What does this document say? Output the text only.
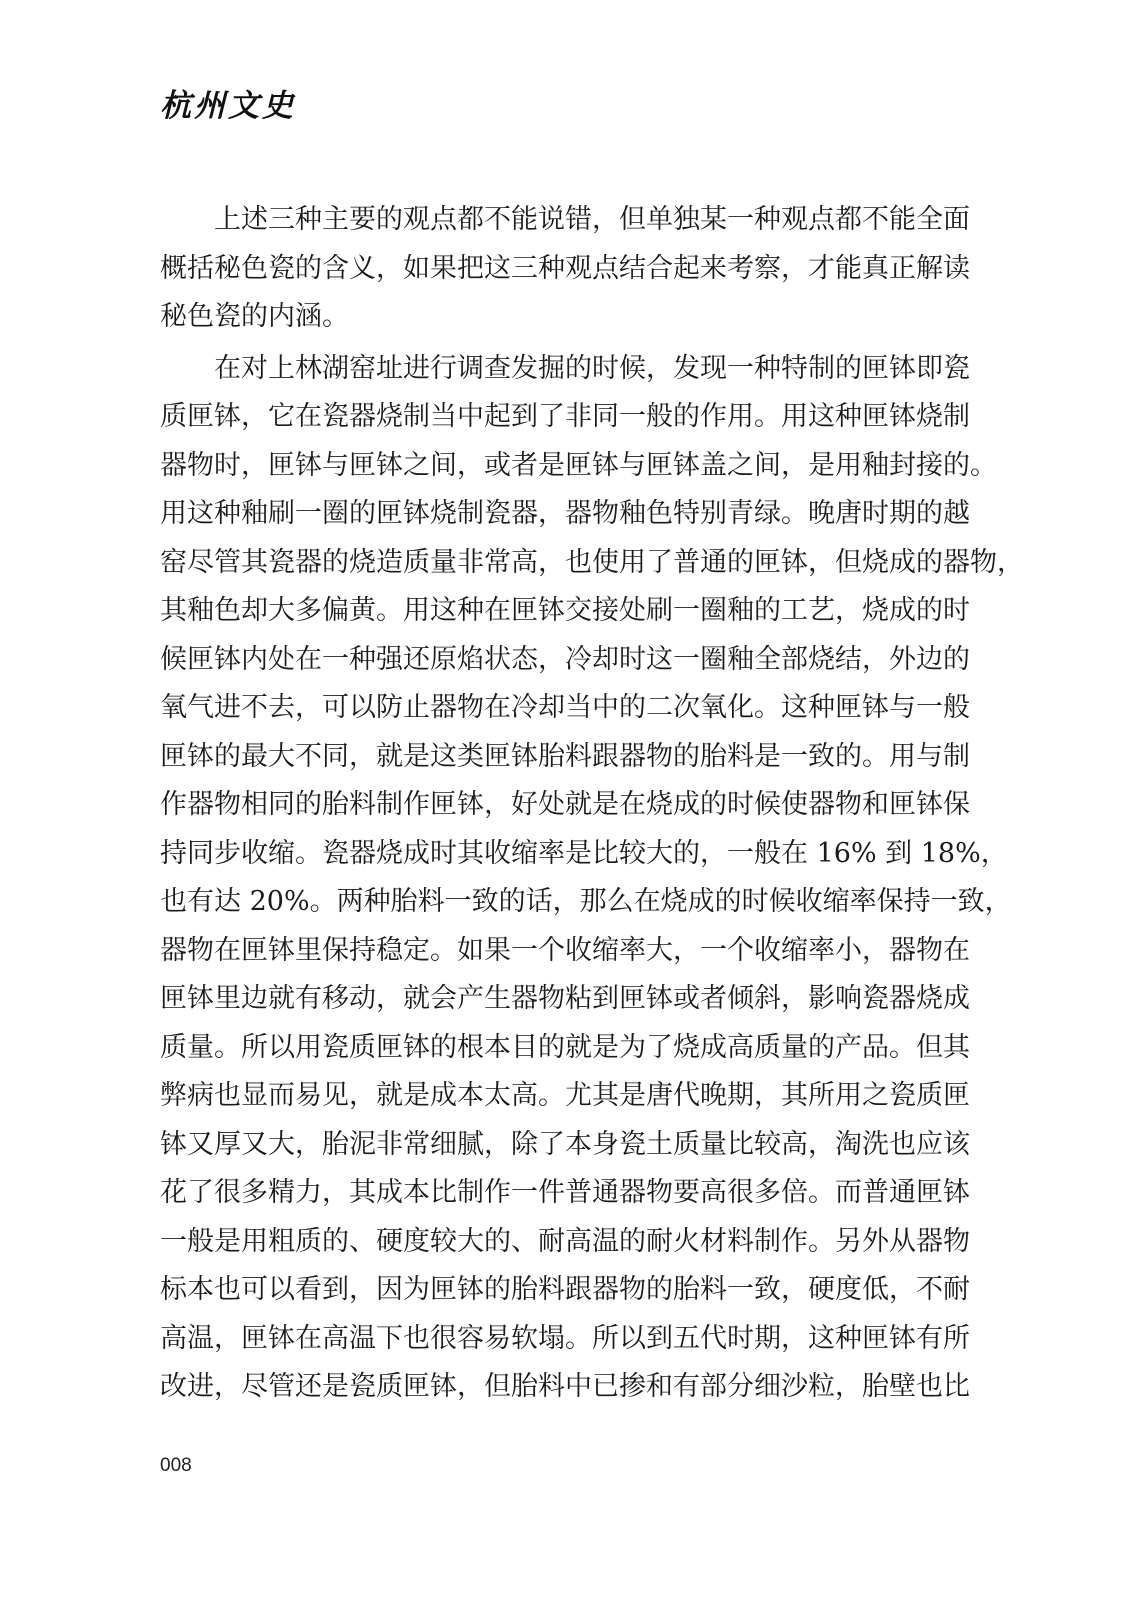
杭州文史
上述三种主要的观点都不能说错，但单独某一种观点都不能全面
概括秘色瓷的含义，如果把这三种观点结合起来考察，才能真正解读
秘色瓷的内涵。
在对上林湖窑址进行调查发掘的时候，发现一种特制的匣钵即瓷
质匣钵，它在瓷器烧制当中起到了非同一般的作用。用这种匣钵烧制
器物时，匣钵与匣钵之间，或者是匣钵与匣钵盖之间，是用釉封接的。
用这种釉刷一圈的匣钵烧制瓷器，器物釉色特别青绿。晚唐时期的越
窑尽管其瓷器的烧造质量非常高，也使用了普通的匣钵，但烧成的器物，
其釉色却大多偏黄。用这种在匣钵交接处刷一圈釉的工艺，烧成的时
候匣钵内处在一种强还原焰状态，冷却时这一圈釉全部烧结，外边的
氧气进不去，可以防止器物在冷却当中的二次氧化。这种匣钵与一般
匣钵的最大不同，就是这类匣钵胎料跟器物的胎料是一致的。用与制
作器物相同的胎料制作匣钵，好处就是在烧成的时候使器物和匣钵保
持同步收缩。瓷器烧成时其收缩率是比较大的，一般在 16% 到 18%，
也有达 20%。两种胎料一致的话，那么在烧成的时候收缩率保持一致，
器物在匣钵里保持稳定。如果一个收缩率大，一个收缩率小，器物在
匣钵里边就有移动，就会产生器物粘到匣钵或者倾斜，影响瓷器烧成
质量。所以用瓷质匣钵的根本目的就是为了烧成高质量的产品。但其
弊病也显而易见，就是成本太高。尤其是唐代晚期，其所用之瓷质匣
钵又厚又大，胎泥非常细腻，除了本身瓷土质量比较高，淘洗也应该
花了很多精力，其成本比制作一件普通器物要高很多倍。而普通匣钵
一般是用粗质的、硬度较大的、耐高温的耐火材料制作。另外从器物
标本也可以看到，因为匣钵的胎料跟器物的胎料一致，硬度低，不耐
高温，匣钵在高温下也很容易软塌。所以到五代时期，这种匣钵有所
改进，尽管还是瓷质匣钵，但胎料中已掺和有部分细沙粒，胎壁也比
008
